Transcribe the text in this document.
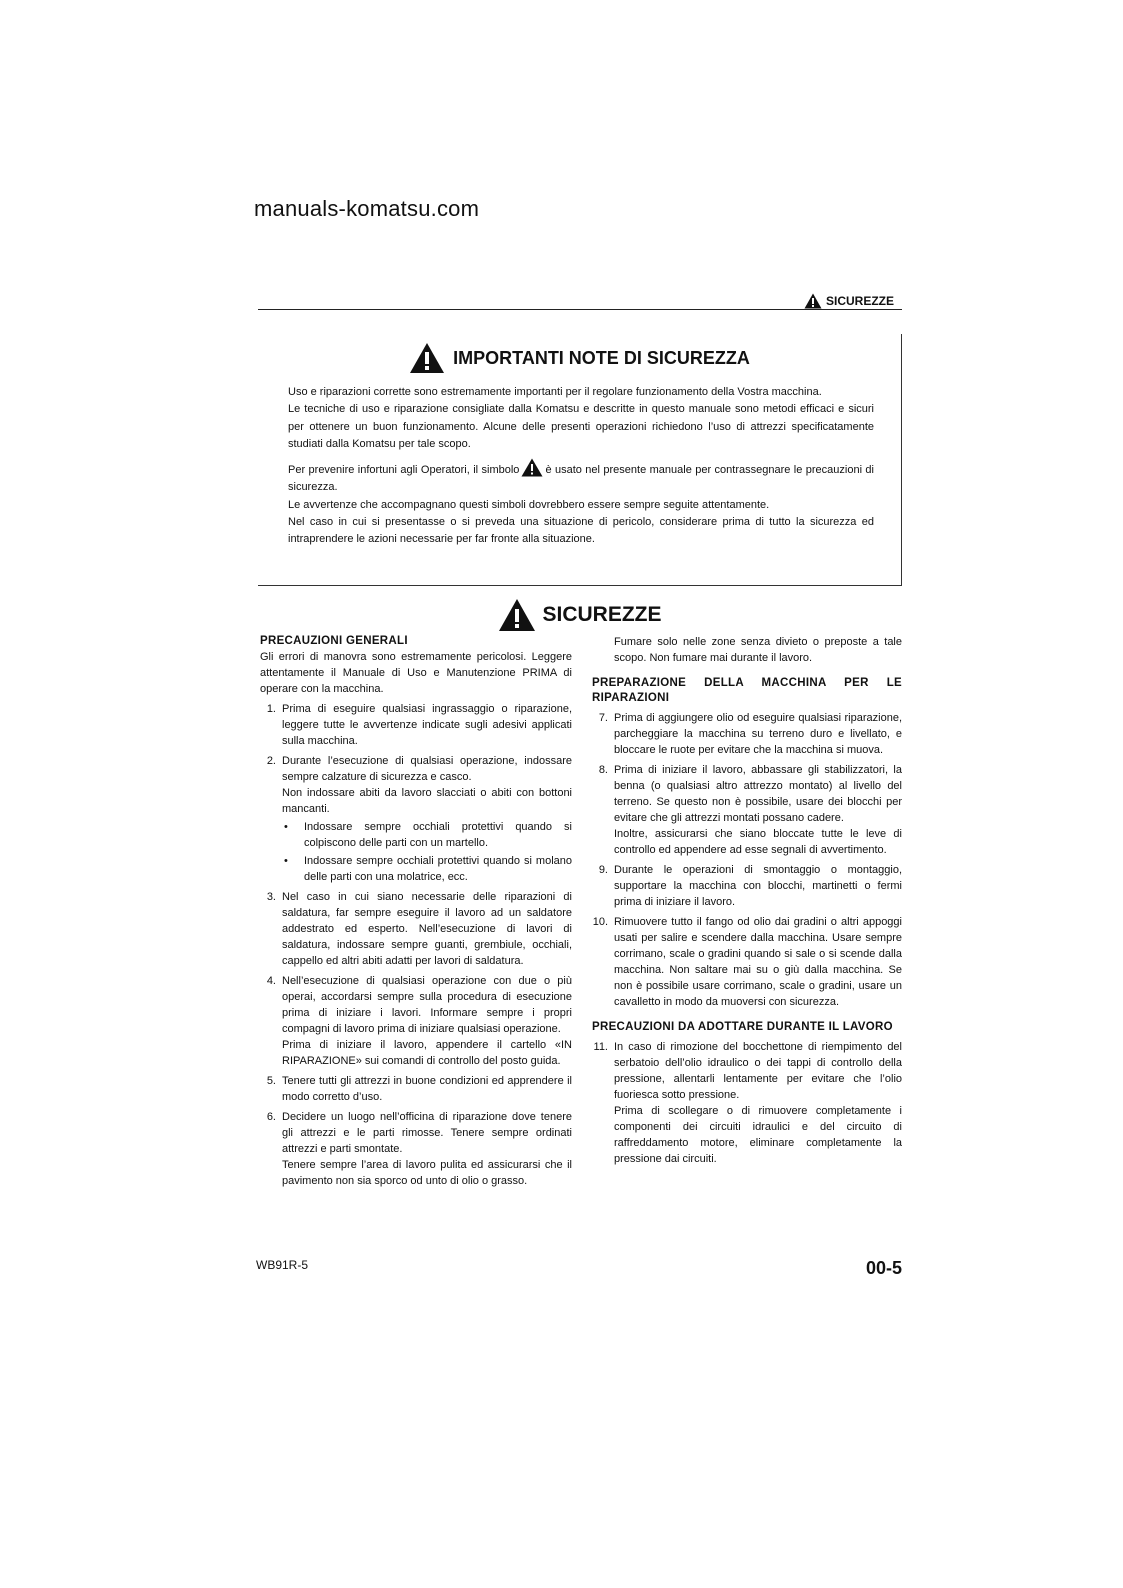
manuals-komatsu.com
SICUREZZE
IMPORTANTI NOTE DI SICUREZZA

Uso e riparazioni corrette sono estremamente importanti per il regolare funzionamento della Vostra macchina.

Le tecniche di uso e riparazione consigliate dalla Komatsu e descritte in questo manuale sono metodi efficaci e sicuri per ottenere un buon funzionamento. Alcune delle presenti operazioni richiedono l’uso di attrezzi specificatamente studiati dalla Komatsu per tale scopo.

Per prevenire infortuni agli Operatori, il simbolo è usato nel presente manuale per contrassegnare le precauzioni di sicurezza.

Le avvertenze che accompagnano questi simboli dovrebbero essere sempre seguite attentamente.

Nel caso in cui si presentasse o si preveda una situazione di pericolo, considerare prima di tutto la sicurezza ed intraprendere le azioni necessarie per far fronte alla situazione.

SICUREZZE
PRECAUZIONI GENERALI

Gli errori di manovra sono estremamente pericolosi. Leggere attentamente il Manuale di Uso e Manutenzione PRIMA di operare con la macchina.

1. Prima di eseguire qualsiasi ingrassaggio o riparazione, leggere tutte le avvertenze indicate sugli adesivi applicati sulla macchina.
2. Durante l’esecuzione di qualsiasi operazione, indossare sempre calzature di sicurezza e casco.
Non indossare abiti da lavoro slacciati o abiti con bottoni mancanti.
• Indossare sempre occhiali protettivi quando si colpiscono delle parti con un martello.
• Indossare sempre occhiali protettivi quando si molano delle parti con una molatrice, ecc.
3. Nel caso in cui siano necessarie delle riparazioni di saldatura, far sempre eseguire il lavoro ad un saldatore addestrato ed esperto. Nell’esecuzione di lavori di saldatura, indossare sempre guanti, grembiule, occhiali, cappello ed altri abiti adatti per lavori di saldatura.
4. Nell’esecuzione di qualsiasi operazione con due o più operai, accordarsi sempre sulla procedura di esecuzione prima di iniziare i lavori. Informare sempre i propri compagni di lavoro prima di iniziare qualsiasi operazione.
Prima di iniziare il lavoro, appendere il cartello «IN RIPARAZIONE» sui comandi di controllo del posto guida.
5. Tenere tutti gli attrezzi in buone condizioni ed apprendere il modo corretto d’uso.
6. Decidere un luogo nell’officina di riparazione dove tenere gli attrezzi e le parti rimosse. Tenere sempre ordinati attrezzi e parti smontate.
Tenere sempre l’area di lavoro pulita ed assicurarsi che il pavimento non sia sporco od unto di olio o grasso.

Fumare solo nelle zone senza divieto o preposte a tale scopo. Non fumare mai durante il lavoro.

PREPARAZIONE DELLA MACCHINA PER LE RIPARAZIONI
7. Prima di aggiungere olio od eseguire qualsiasi riparazione, parcheggiare la macchina su terreno duro e livellato, e bloccare le ruote per evitare che la macchina si muova.
8. Prima di iniziare il lavoro, abbassare gli stabilizzatori, la benna (o qualsiasi altro attrezzo montato) al livello del terreno. Se questo non è possibile, usare dei blocchi per evitare che gli attrezzi montati possano cadere.
Inoltre, assicurarsi che siano bloccate tutte le leve di controllo ed appendere ad esse segnali di avvertimento.
9. Durante le operazioni di smontaggio o montaggio, supportare la macchina con blocchi, martinetti o fermi prima di iniziare il lavoro.
10. Rimuovere tutto il fango od olio dai gradini o altri appoggi usati per salire e scendere dalla macchina. Usare sempre corrimano, scale o gradini quando si sale o si scende dalla macchina. Non saltare mai su o giù dalla macchina. Se non è possibile usare corrimano, scale o gradini, usare un cavalletto in modo da muoversi con sicurezza.
PRECAUZIONI DA ADOTTARE DURANTE IL LAVORO
11. In caso di rimozione del bocchettone di riempimento del serbatoio dell’olio idraulico o dei tappi di controllo della pressione, allentarli lentamente per evitare che l’olio fuoriesca sotto pressione.
Prima di scollegare o di rimuovere completamente i componenti dei circuiti idraulici e del circuito di raffreddamento motore, eliminare completamente la pressione dai circuiti.
WB91R-5	00-5
